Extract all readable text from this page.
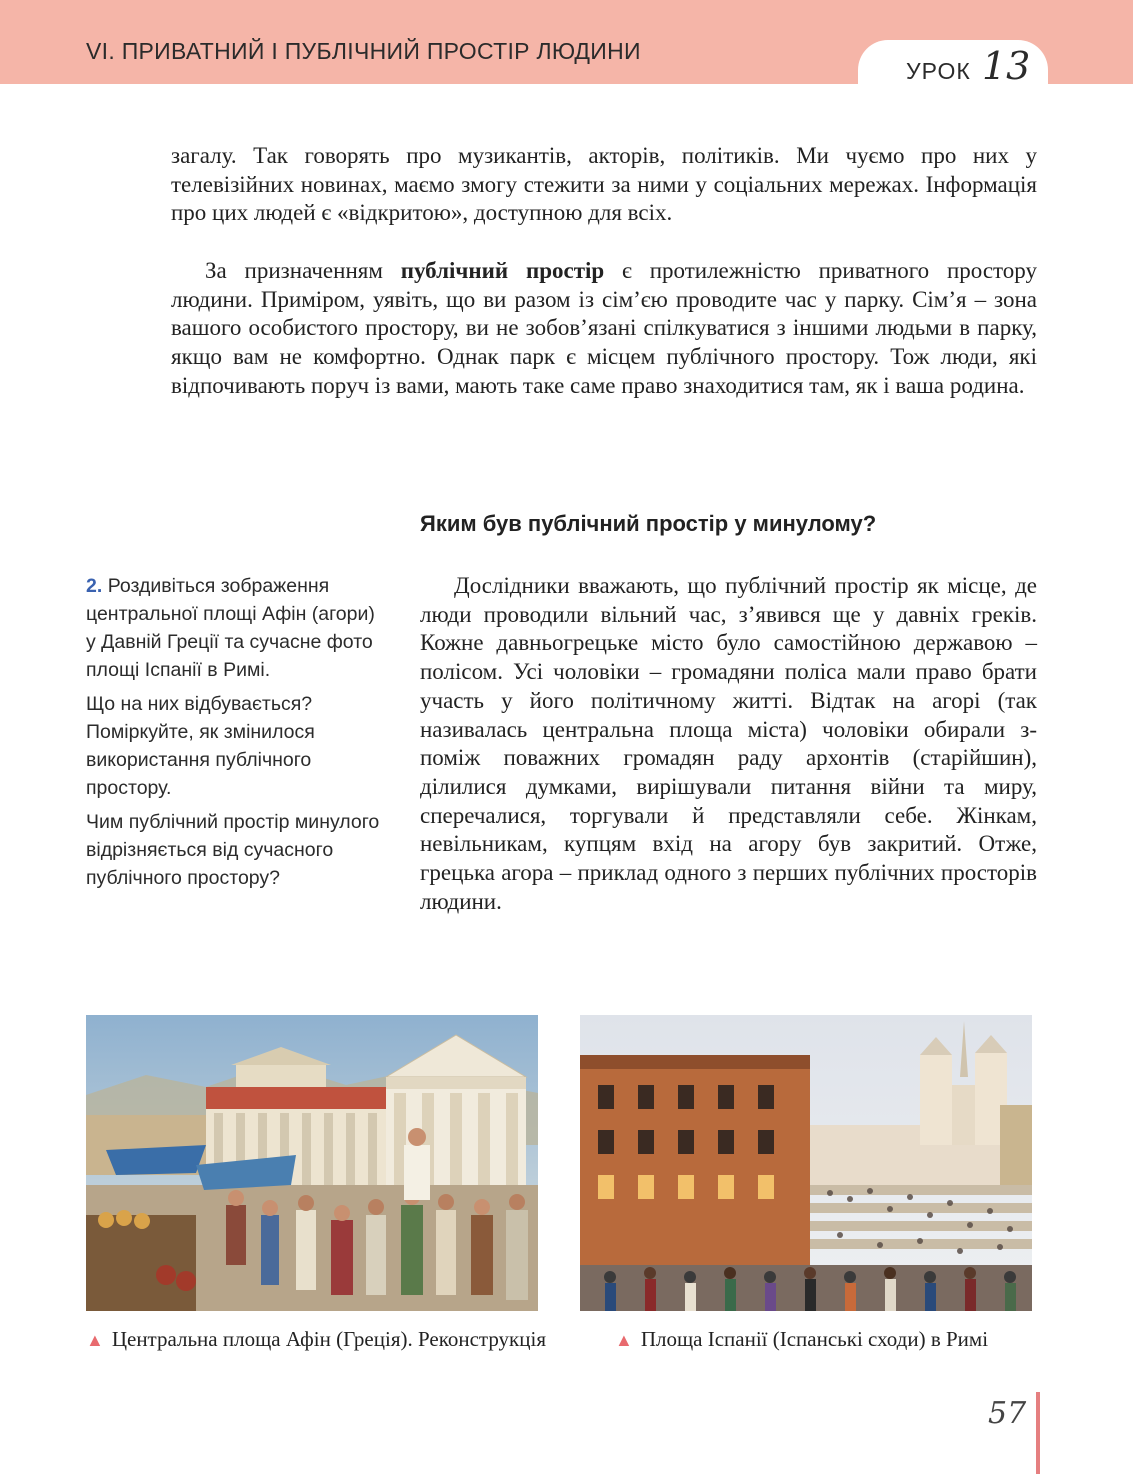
VI. ПРИВАТНИЙ І ПУБЛІЧНИЙ ПРОСТІР ЛЮДИНИ
УРОК 13

загалу. Так говорять про музикантів, акторів, політиків. Ми чуємо про них у телевізійних новинах, маємо змогу стежити за ними у соціальних мережах. Інформація про цих людей є «відкритою», доступною для всіх.

За призначенням публічний простір є протилежністю приватного простору людини. Приміром, уявіть, що ви разом із сім’єю проводите час у парку. Сім’я – зона вашого особистого простору, ви не зобов’язані спілкуватися з іншими людьми в парку, якщо вам не комфортно. Однак парк є місцем публічного простору. Тож люди, які відпочивають поруч із вами, мають таке саме право знаходитися там, як і ваша родина.

Яким був публічний простір у минулому?

2. Роздивіться зображення центральної площі Афін (агори) у Давній Греції та сучасне фото площі Іспанії в Римі.

Що на них відбувається? Поміркуйте, як змінилося використання публічного простору.

Чим публічний простір минулого відрізняється від сучасного публічного простору?

Дослідники вважають, що публічний простір як місце, де люди проводили вільний час, з’явився ще у давніх греків. Кожне давньогрецьке місто було самостійною державою – полісом. Усі чоловіки – громадяни поліса мали право брати участь у його політичному житті. Відтак на агорі (так називалась центральна площа міста) чоловіки обирали з-поміж поважних громадян раду архонтів (старійшин), ділилися думками, вирішували питання війни та миру, сперечалися, торгували й представляли себе. Жінкам, невільникам, купцям вхід на агору був закритий. Отже, грецька агора – приклад одного з перших публічних просторів людини.

▲ Центральна площа Афін (Греція). Реконструкція	▲ Площа Іспанії (Іспанські сходи) в Римі
57
